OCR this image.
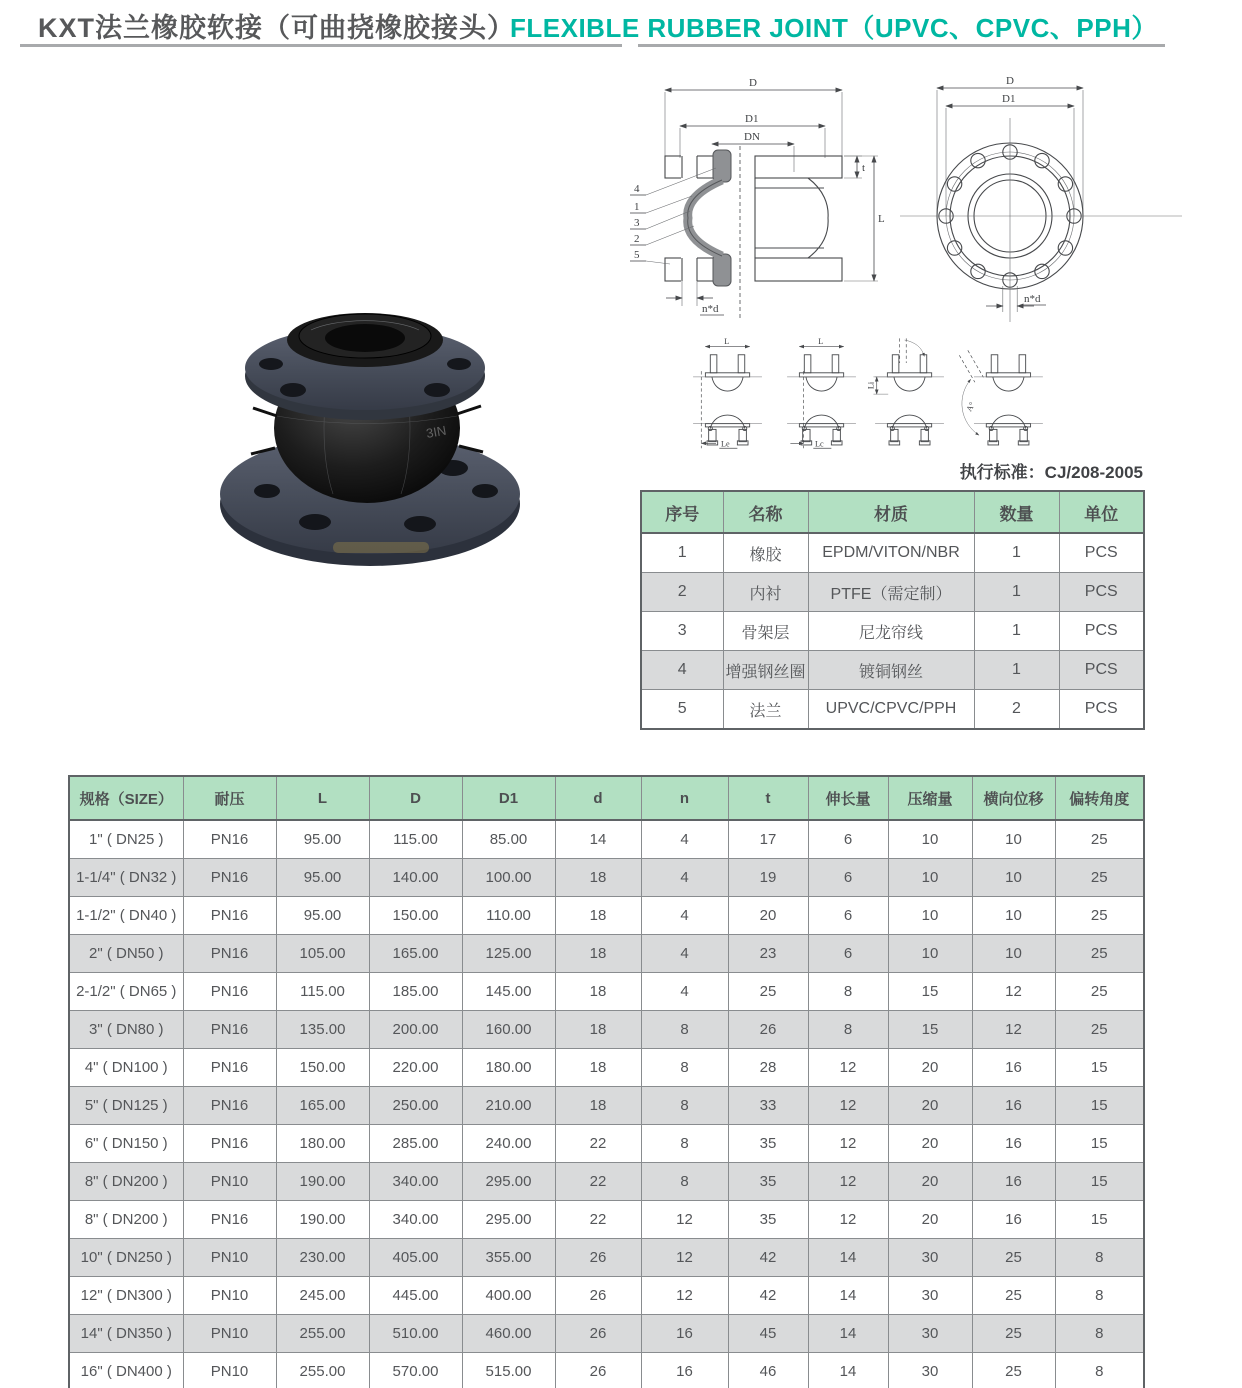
KXT法兰橡胶软接（可曲挠橡胶接头）
FLEXIBLE RUBBER JOINT（UPVC、CPVC、PPH）
3IN
D
D1
DN
t
L
n*d
4
1
3
2
5
D
D1
n*d
L
Le
L
Lc
Li
A°
执行标准：CJ/208-2005
序号	名称	材质	数量	单位
1	橡胶	EPDM/VITON/NBR	1	PCS
2	内衬	PTFE（需定制）	1	PCS
3	骨架层	尼龙帘线	1	PCS
4	增强钢丝圈	镀铜钢丝	1	PCS
5	法兰	UPVC/CPVC/PPH	2	PCS
规格（SIZE）	耐压	L	D	D1	d	n	t	伸长量	压缩量	横向位移	偏转角度
1" ( DN25 )	PN16	95.00	115.00	85.00	14	4	17	6	10	10	25
1-1/4" ( DN32 )	PN16	95.00	140.00	100.00	18	4	19	6	10	10	25
1-1/2" ( DN40 )	PN16	95.00	150.00	110.00	18	4	20	6	10	10	25
2" ( DN50 )	PN16	105.00	165.00	125.00	18	4	23	6	10	10	25
2-1/2" ( DN65 )	PN16	115.00	185.00	145.00	18	4	25	8	15	12	25
3" ( DN80 )	PN16	135.00	200.00	160.00	18	8	26	8	15	12	25
4" ( DN100 )	PN16	150.00	220.00	180.00	18	8	28	12	20	16	15
5" ( DN125 )	PN16	165.00	250.00	210.00	18	8	33	12	20	16	15
6" ( DN150 )	PN16	180.00	285.00	240.00	22	8	35	12	20	16	15
8" ( DN200 )	PN10	190.00	340.00	295.00	22	8	35	12	20	16	15
8" ( DN200 )	PN16	190.00	340.00	295.00	22	12	35	12	20	16	15
10" ( DN250 )	PN10	230.00	405.00	355.00	26	12	42	14	30	25	8
12" ( DN300 )	PN10	245.00	445.00	400.00	26	12	42	14	30	25	8
14" ( DN350 )	PN10	255.00	510.00	460.00	26	16	45	14	30	25	8
16" ( DN400 )	PN10	255.00	570.00	515.00	26	16	46	14	30	25	8
